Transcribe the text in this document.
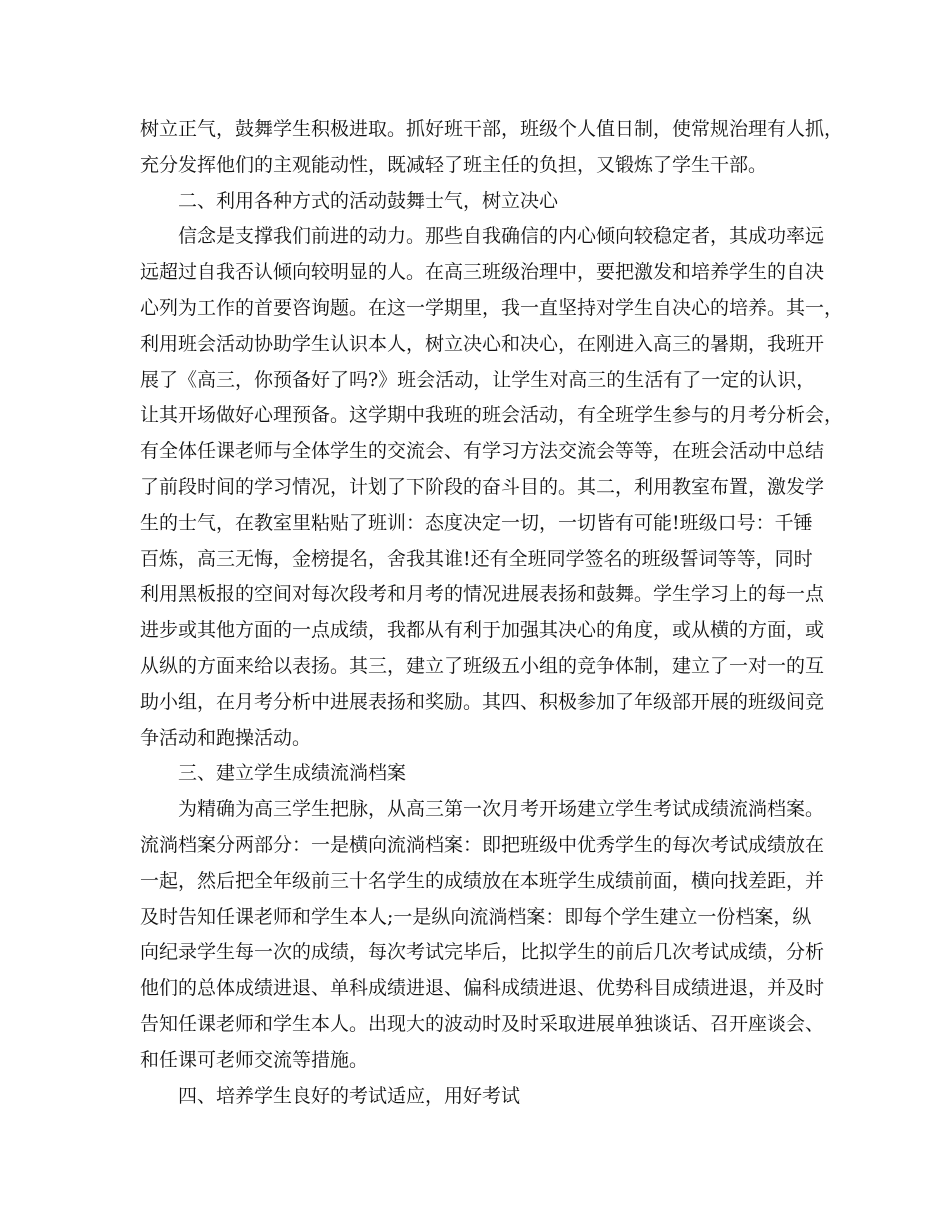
树立正气，鼓舞学生积极进取。抓好班干部，班级个人值日制，使常规治理有人抓，
充分发挥他们的主观能动性，既减轻了班主任的负担，又锻炼了学生干部。
二、利用各种方式的活动鼓舞士气，树立决心
信念是支撑我们前进的动力。那些自我确信的内心倾向较稳定者，其成功率远
远超过自我否认倾向较明显的人。在高三班级治理中，要把激发和培养学生的自决
心列为工作的首要咨询题。在这一学期里，我一直坚持对学生自决心的培养。其一，
利用班会活动协助学生认识本人，树立决心和决心，在刚进入高三的暑期，我班开
展了《高三，你预备好了吗?》班会活动，让学生对高三的生活有了一定的认识，
让其开场做好心理预备。这学期中我班的班会活动，有全班学生参与的月考分析会，
有全体任课老师与全体学生的交流会、有学习方法交流会等等，在班会活动中总结
了前段时间的学习情况，计划了下阶段的奋斗目的。其二，利用教室布置，激发学
生的士气，在教室里粘贴了班训：态度决定一切，一切皆有可能!班级口号：千锤
百炼，高三无悔，金榜提名，舍我其谁!还有全班同学签名的班级誓词等等，同时
利用黑板报的空间对每次段考和月考的情况进展表扬和鼓舞。学生学习上的每一点
进步或其他方面的一点成绩，我都从有利于加强其决心的角度，或从横的方面，或
从纵的方面来给以表扬。其三，建立了班级五小组的竞争体制，建立了一对一的互
助小组，在月考分析中进展表扬和奖励。其四、积极参加了年级部开展的班级间竞
争活动和跑操活动。
三、建立学生成绩流淌档案
为精确为高三学生把脉，从高三第一次月考开场建立学生考试成绩流淌档案。
流淌档案分两部分：一是横向流淌档案：即把班级中优秀学生的每次考试成绩放在
一起，然后把全年级前三十名学生的成绩放在本班学生成绩前面，横向找差距，并
及时告知任课老师和学生本人;一是纵向流淌档案：即每个学生建立一份档案，纵
向纪录学生每一次的成绩，每次考试完毕后，比拟学生的前后几次考试成绩，分析
他们的总体成绩进退、单科成绩进退、偏科成绩进退、优势科目成绩进退，并及时
告知任课老师和学生本人。出现大的波动时及时采取进展单独谈话、召开座谈会、
和任课可老师交流等措施。
四、培养学生良好的考试适应，用好考试
